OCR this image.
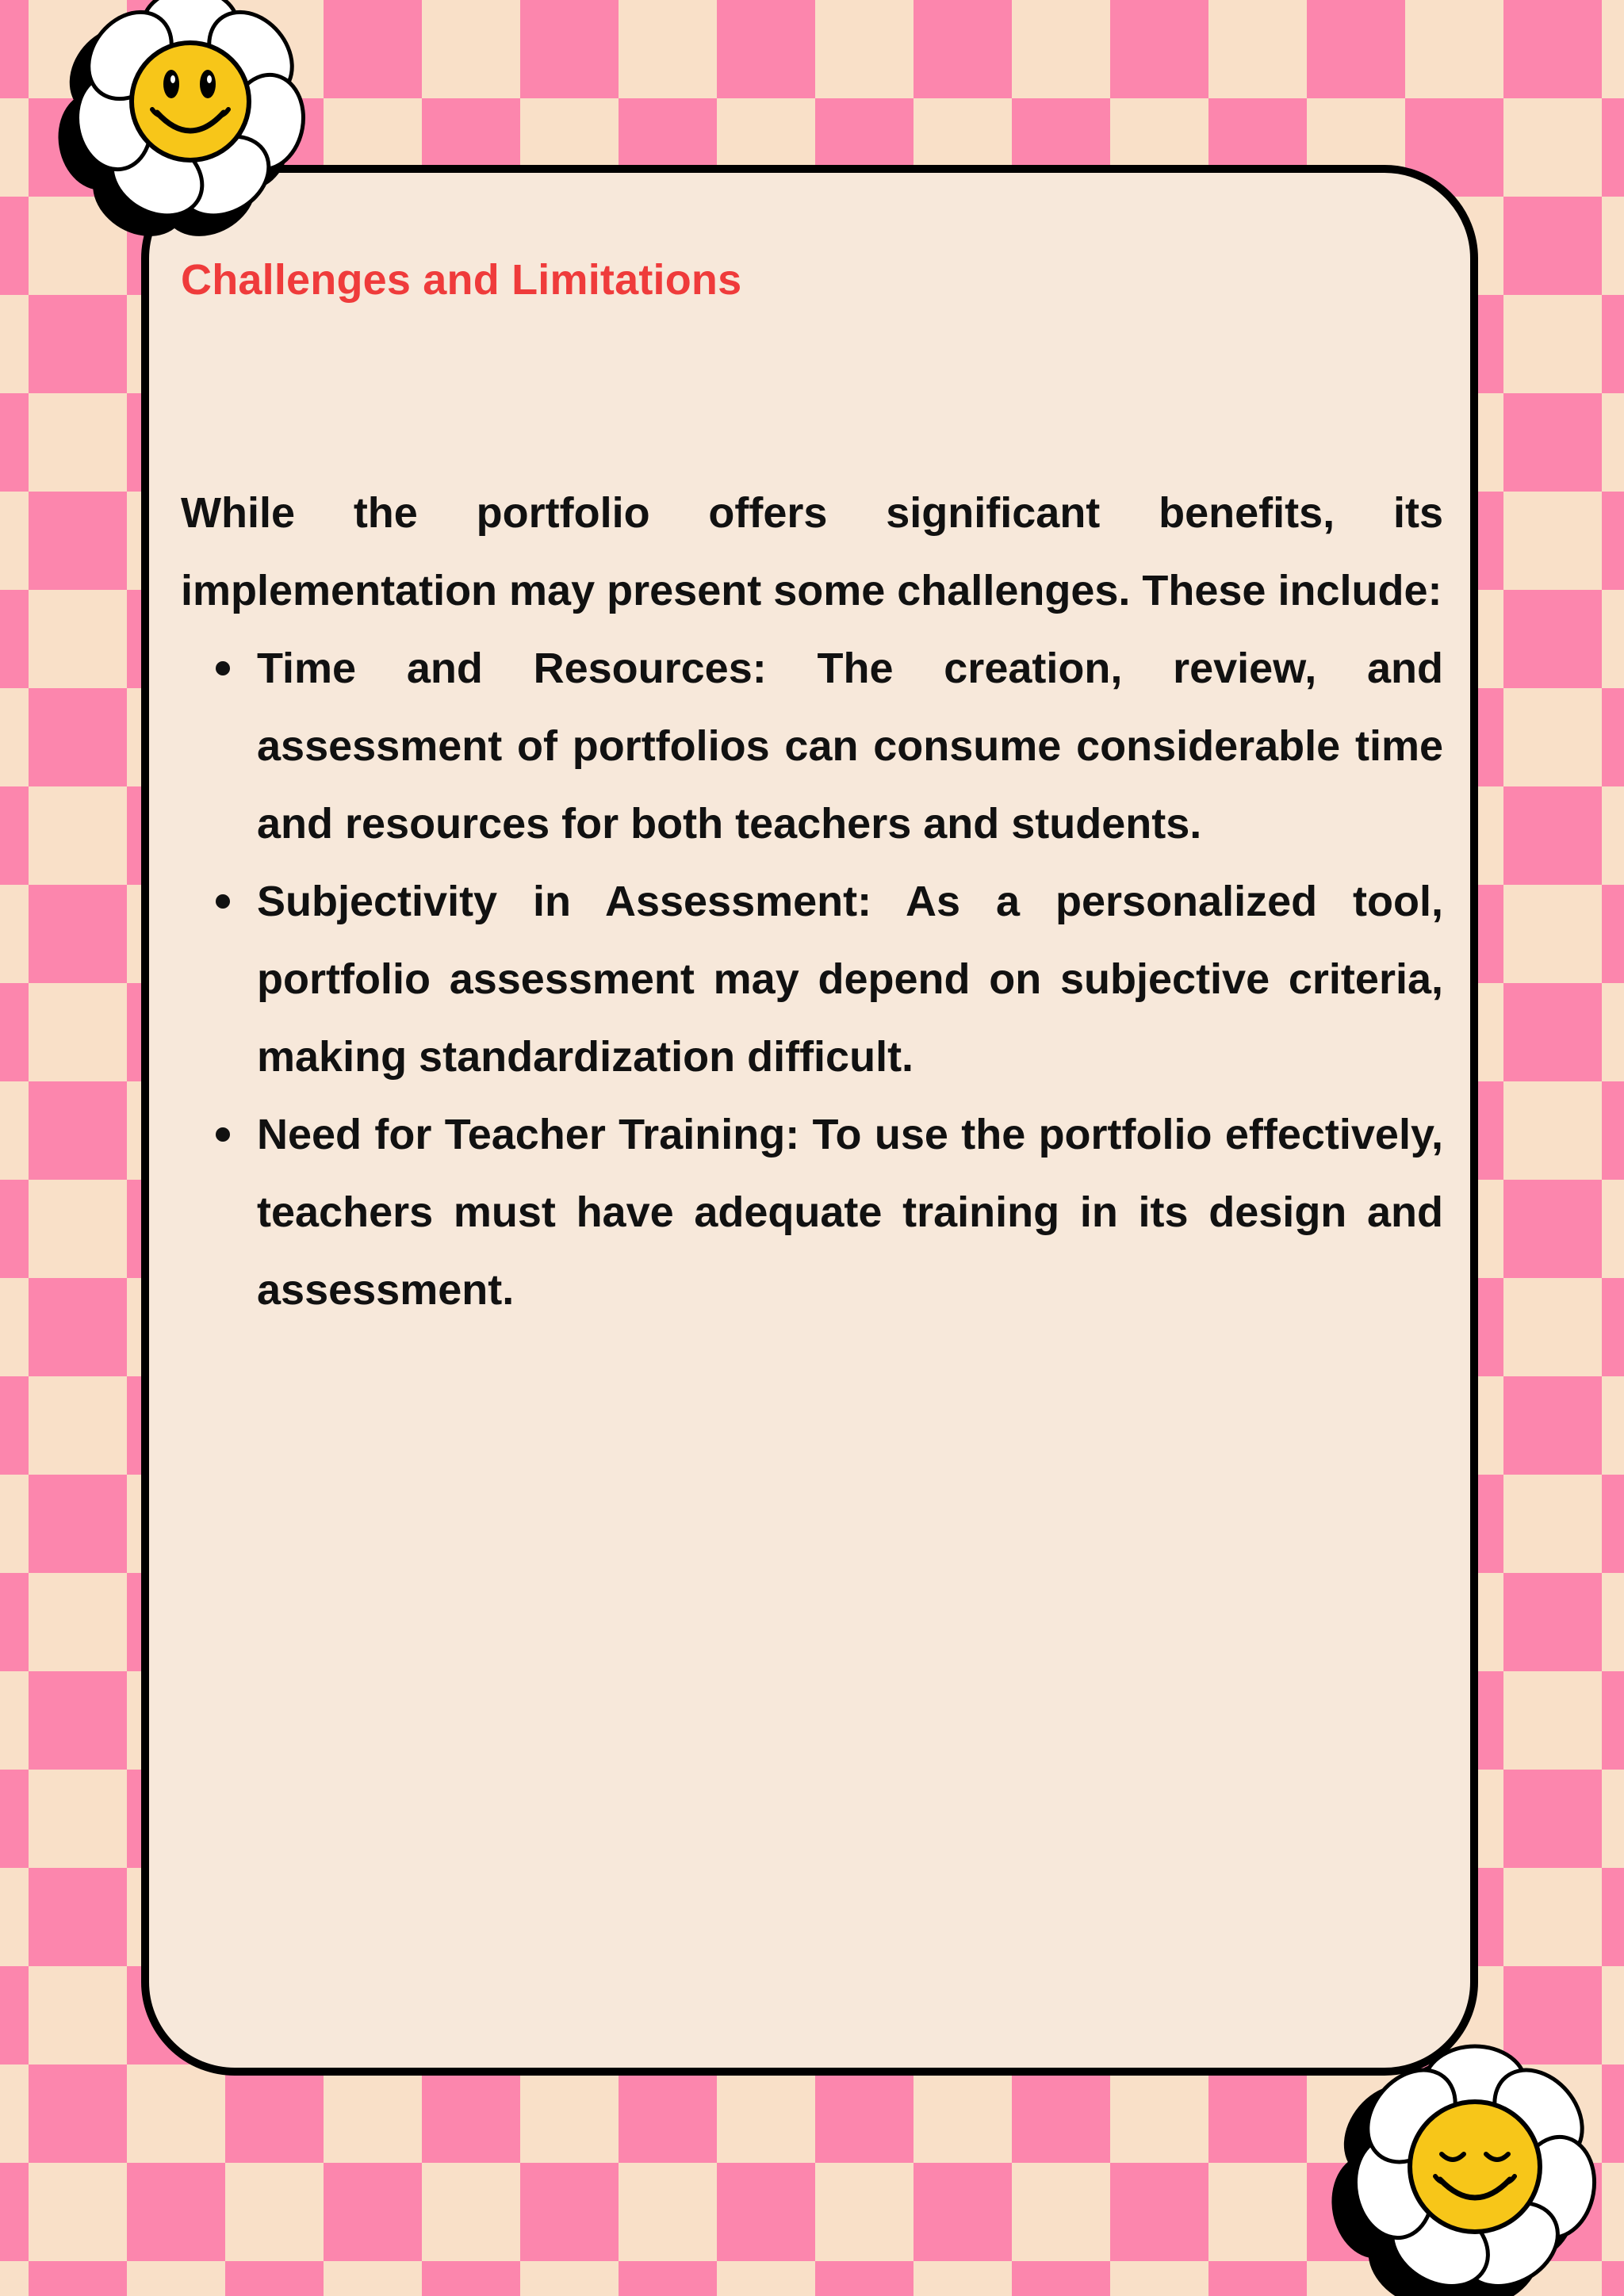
Challenges and Limitations

While the portfolio offers significant benefits, its implementation may present some challenges. These include:

Time and Resources: The creation, review, and assessment of portfolios can consume considerable time and resources for both teachers and students.
Subjectivity in Assessment: As a personalized tool, portfolio assessment may depend on subjective criteria, making standardization difficult.
Need for Teacher Training: To use the portfolio effectively, teachers must have adequate training in its design and assessment.
